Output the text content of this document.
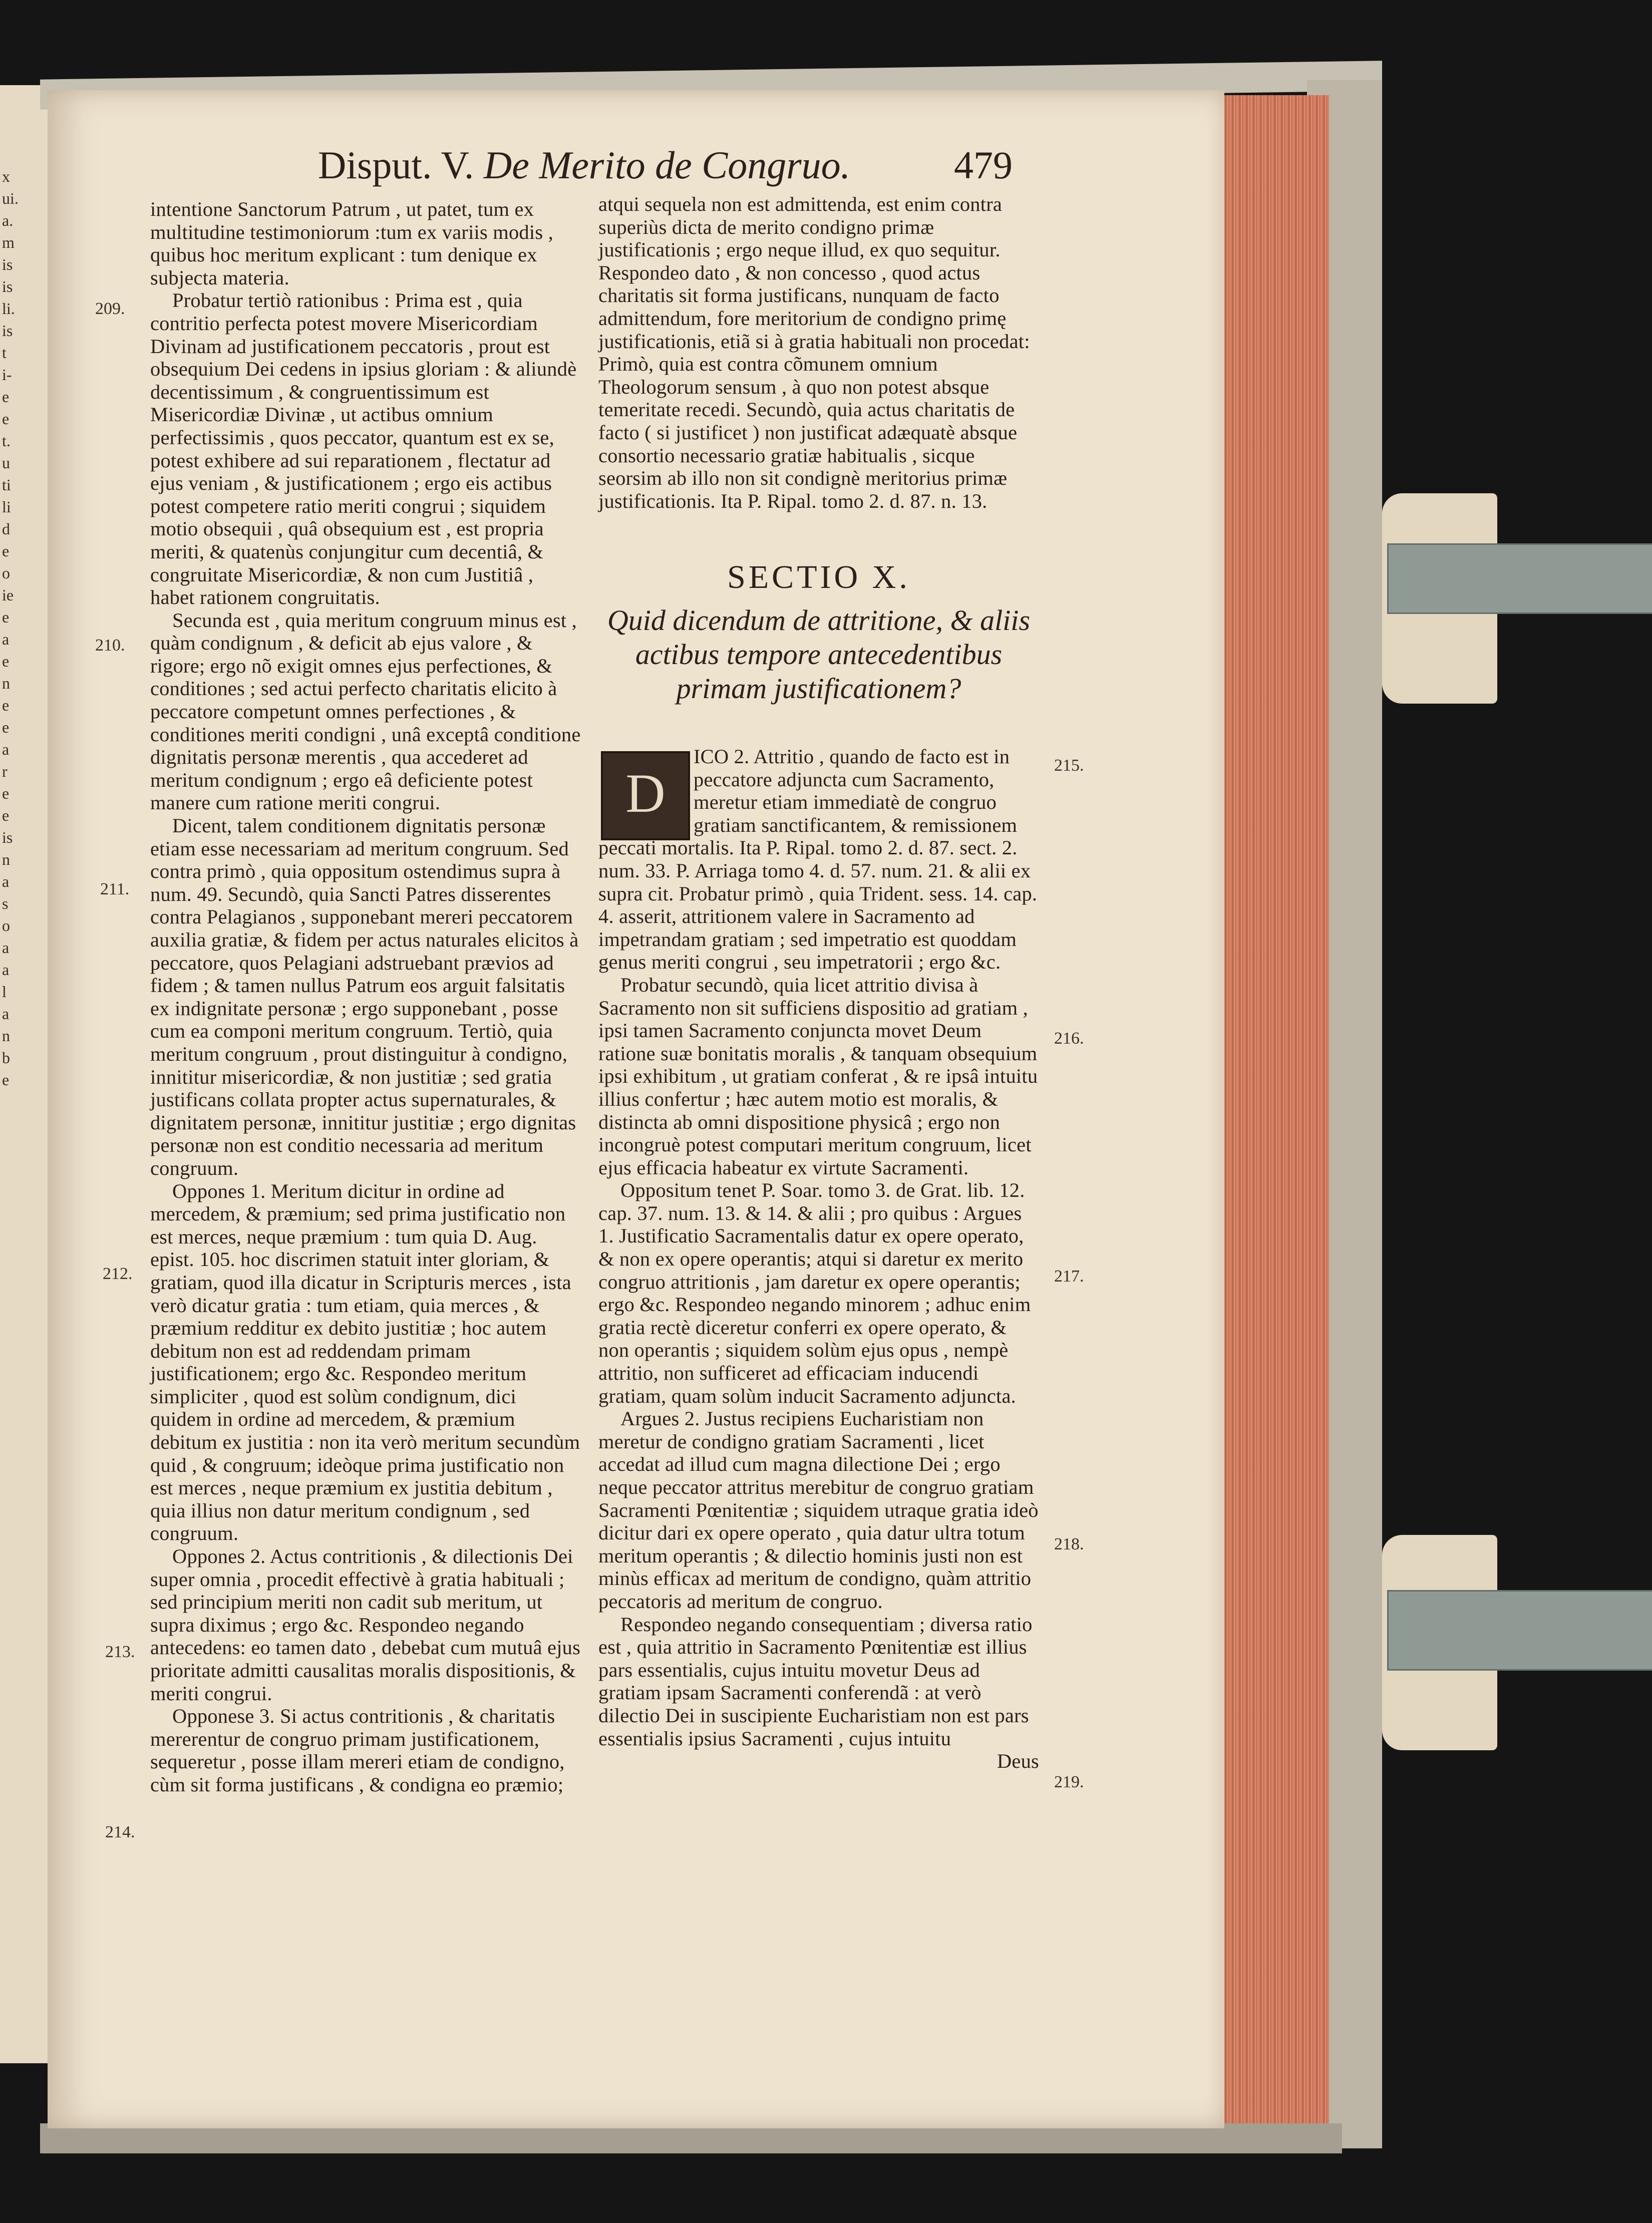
x
ui.
a.
m
is
is
li.
is
t
i-
e
e
t.
u
ti
li
d
e
o
ie
e
a
e
n
e
e
a
r
e
e
is
n
a
s
o
a
a
l
a
n
b
e
Disput. V. De Merito de Congruo.	479

intentione Sanctorum Patrum , ut patet, tum ex multitudine testimoniorum :tum ex variis modis , quibus hoc meritum explicant : tum denique ex subjecta materia.

Probatur tertiò rationibus : Prima est , quia contritio perfecta potest movere Misericordiam Divinam ad justificationem peccatoris , prout est obsequium Dei cedens in ipsius gloriam : & aliundè decentissimum , & congruentissimum est Misericordiæ Divinæ , ut actibus omnium perfectissimis , quos peccator, quantum est ex se, potest exhibere ad sui reparationem , flectatur ad ejus veniam , & justificationem ; ergo eis actibus potest competere ratio meriti congrui ; siquidem motio obsequii , quâ obsequium est , est propria meriti, & quatenùs conjungitur cum decentiâ, & congruitate Misericordiæ, & non cum Justitiâ , habet rationem congruitatis.

Secunda est , quia meritum congruum minus est , quàm condignum , & deficit ab ejus valore , & rigore; ergo nõ exigit omnes ejus perfectiones, & conditiones ; sed actui perfecto charitatis elicito à peccatore competunt omnes perfectiones , & conditiones meriti condigni , unâ exceptâ conditione dignitatis personæ merentis , qua accederet ad meritum condignum ; ergo eâ deficiente potest manere cum ratione meriti congrui.

Dicent, talem conditionem dignitatis personæ etiam esse necessariam ad meritum congruum. Sed contra primò , quia oppositum ostendimus supra à num. 49. Secundò, quia Sancti Patres disserentes contra Pelagianos , supponebant mereri peccatorem auxilia gratiæ, & fidem per actus naturales elicitos à peccatore, quos Pelagiani adstruebant prævios ad fidem ; & tamen nullus Patrum eos arguit falsitatis ex indignitate personæ ; ergo supponebant , posse cum ea componi meritum congruum. Tertiò, quia meritum congruum , prout distinguitur à condigno, innititur misericordiæ, & non justitiæ ; sed gratia justificans collata propter actus supernaturales, & dignitatem personæ, innititur justitiæ ; ergo dignitas personæ non est conditio necessaria ad meritum congruum.

Oppones 1. Meritum dicitur in ordine ad mercedem, & præmium; sed prima justificatio non est merces, neque præmium : tum quia D. Aug. epist. 105. hoc discrimen statuit inter gloriam, & gratiam, quod illa dicatur in Scripturis merces , ista verò dicatur gratia : tum etiam, quia merces , & præmium redditur ex debito justitiæ ; hoc autem debitum non est ad reddendam primam justificationem; ergo &c. Respondeo meritum simpliciter , quod est solùm condignum, dici quidem in ordine ad mercedem, & præmium debitum ex justitia : non ita verò meritum secundùm quid , & congruum; ideòque prima justificatio non est merces , neque præmium ex justitia debitum , quia illius non datur meritum condignum , sed congruum.

Oppones 2. Actus contritionis , & dilectionis Dei super omnia , procedit effectivè à gratia habituali ; sed principium meriti non cadit sub meritum, ut supra diximus ; ergo &c. Respondeo negando antecedens: eo tamen dato , debebat cum mutuâ ejus prioritate admitti causalitas moralis dispositionis, & meriti congrui.

Opponese 3. Si actus contritionis , & charitatis mererentur de congruo primam justificationem, sequeretur , posse illam mereri etiam de condigno, cùm sit forma justificans , & condigna eo præmio;

209.
210.
211.
212.
213.
214.

atqui sequela non est admittenda, est enim contra superiùs dicta de merito condigno primæ justificationis ; ergo neque illud, ex quo sequitur. Respondeo dato , & non concesso , quod actus charitatis sit forma justificans, nunquam de facto admittendum, fore meritorium de condigno primę justificationis, etiã si à gratia habituali non procedat: Primò, quia est contra cõmunem omnium Theologorum sensum , à quo non potest absque temeritate recedi. Secundò, quia actus charitatis de facto ( si justificet ) non justificat adæquatè absque consortio necessario gratiæ habitualis , sicque seorsim ab illo non sit condignè meritorius primæ justificationis. Ita P. Ripal. tomo 2. d. 87. n. 13.

SECTIO X.
Quid dicendum de attritione, & aliis actibus tempore antecedentibus primam justificationem?
D

ICO 2. Attritio , quando de facto est in peccatore adjuncta cum Sacramento, meretur etiam immediatè de congruo gratiam sanctificantem, & remissionem peccati mortalis. Ita P. Ripal. tomo 2. d. 87. sect. 2. num. 33. P. Arriaga tomo 4. d. 57. num. 21. & alii ex supra cit. Probatur primò , quia Trident. sess. 14. cap. 4. asserit, attritionem valere in Sacramento ad impetrandam gratiam ; sed impetratio est quoddam genus meriti congrui , seu impetratorii ; ergo &c.

Probatur secundò, quia licet attritio divisa à Sacramento non sit sufficiens dispositio ad gratiam , ipsi tamen Sacramento conjuncta movet Deum ratione suæ bonitatis moralis , & tanquam obsequium ipsi exhibitum , ut gratiam conferat , & re ipsâ intuitu illius confertur ; hæc autem motio est moralis, & distincta ab omni dispositione physicâ ; ergo non incongruè potest computari meritum congruum, licet ejus efficacia habeatur ex virtute Sacramenti.

Oppositum tenet P. Soar. tomo 3. de Grat. lib. 12. cap. 37. num. 13. & 14. & alii ; pro quibus : Argues 1. Justificatio Sacramentalis datur ex opere operato, & non ex opere operantis; atqui si daretur ex merito congruo attritionis , jam daretur ex opere operantis; ergo &c. Respondeo negando minorem ; adhuc enim gratia rectè diceretur conferri ex opere operato, & non operantis ; siquidem solùm ejus opus , nempè attritio, non sufficeret ad efficaciam inducendi gratiam, quam solùm inducit Sacramento adjuncta.

Argues 2. Justus recipiens Eucharistiam non meretur de condigno gratiam Sacramenti , licet accedat ad illud cum magna dilectione Dei ; ergo neque peccator attritus merebitur de congruo gratiam Sacramenti Pœnitentiæ ; siquidem utraque gratia ideò dicitur dari ex opere operato , quia datur ultra totum meritum operantis ; & dilectio hominis justi non est minùs efficax ad meritum de condigno, quàm attritio peccatoris ad meritum de congruo.

Respondeo negando consequentiam ; diversa ratio est , quia attritio in Sacramento Pœnitentiæ est illius pars essentialis, cujus intuitu movetur Deus ad gratiam ipsam Sacramenti conferendã : at verò dilectio Dei in suscipiente Eucharistiam non est pars essentialis ipsius Sacramenti , cujus intuitu

Deus

215.
216.
217.
218.
219.
